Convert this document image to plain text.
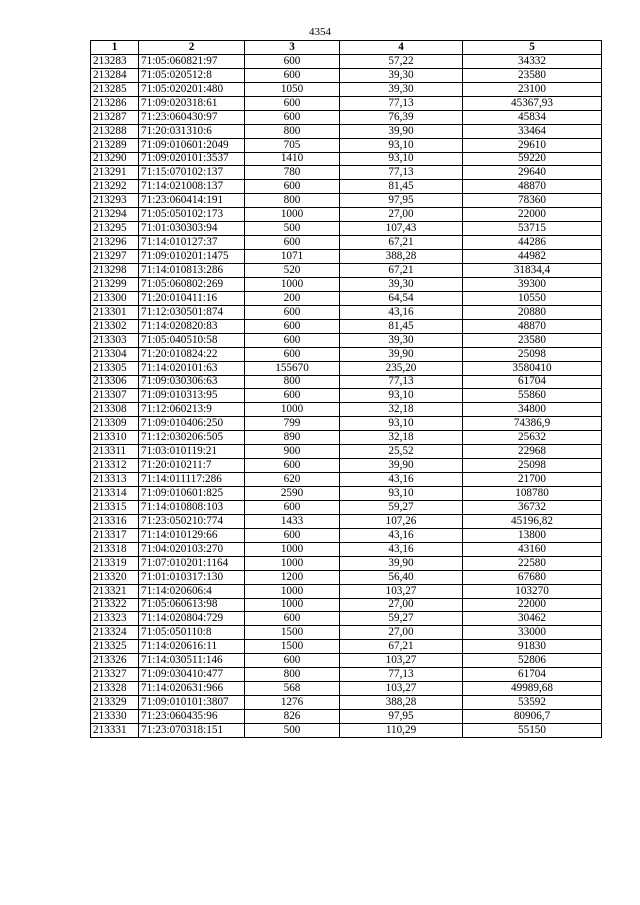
4354
1	2	3	4	5
213283	71:05:060821:97	600	57,22	34332
213284	71:05:020512:8	600	39,30	23580
213285	71:05:020201:480	1050	39,30	23100
213286	71:09:020318:61	600	77,13	45367,93
213287	71:23:060430:97	600	76,39	45834
213288	71:20:031310:6	800	39,90	33464
213289	71:09:010601:2049	705	93,10	29610
213290	71:09:020101:3537	1410	93,10	59220
213291	71:15:070102:137	780	77,13	29640
213292	71:14:021008:137	600	81,45	48870
213293	71:23:060414:191	800	97,95	78360
213294	71:05:050102:173	1000	27,00	22000
213295	71:01:030303:94	500	107,43	53715
213296	71:14:010127:37	600	67,21	44286
213297	71:09:010201:1475	1071	388,28	44982
213298	71:14:010813:286	520	67,21	31834,4
213299	71:05:060802:269	1000	39,30	39300
213300	71:20:010411:16	200	64,54	10550
213301	71:12:030501:874	600	43,16	20880
213302	71:14:020820:83	600	81,45	48870
213303	71:05:040510:58	600	39,30	23580
213304	71:20:010824:22	600	39,90	25098
213305	71:14:020101:63	155670	235,20	3580410
213306	71:09:030306:63	800	77,13	61704
213307	71:09:010313:95	600	93,10	55860
213308	71:12:060213:9	1000	32,18	34800
213309	71:09:010406:250	799	93,10	74386,9
213310	71:12:030206:505	890	32,18	25632
213311	71:03:010119:21	900	25,52	22968
213312	71:20:010211:7	600	39,90	25098
213313	71:14:011117:286	620	43,16	21700
213314	71:09:010601:825	2590	93,10	108780
213315	71:14:010808:103	600	59,27	36732
213316	71:23:050210:774	1433	107,26	45196,82
213317	71:14:010129:66	600	43,16	13800
213318	71:04:020103:270	1000	43,16	43160
213319	71:07:010201:1164	1000	39,90	22580
213320	71:01:010317:130	1200	56,40	67680
213321	71:14:020606:4	1000	103,27	103270
213322	71:05:060613:98	1000	27,00	22000
213323	71:14:020804:729	600	59,27	30462
213324	71:05:050110:8	1500	27,00	33000
213325	71:14:020616:11	1500	67,21	91830
213326	71:14:030511:146	600	103,27	52806
213327	71:09:030410:477	800	77,13	61704
213328	71:14:020631:966	568	103,27	49989,68
213329	71:09:010101:3807	1276	388,28	53592
213330	71:23:060435:96	826	97,95	80906,7
213331	71:23:070318:151	500	110,29	55150
